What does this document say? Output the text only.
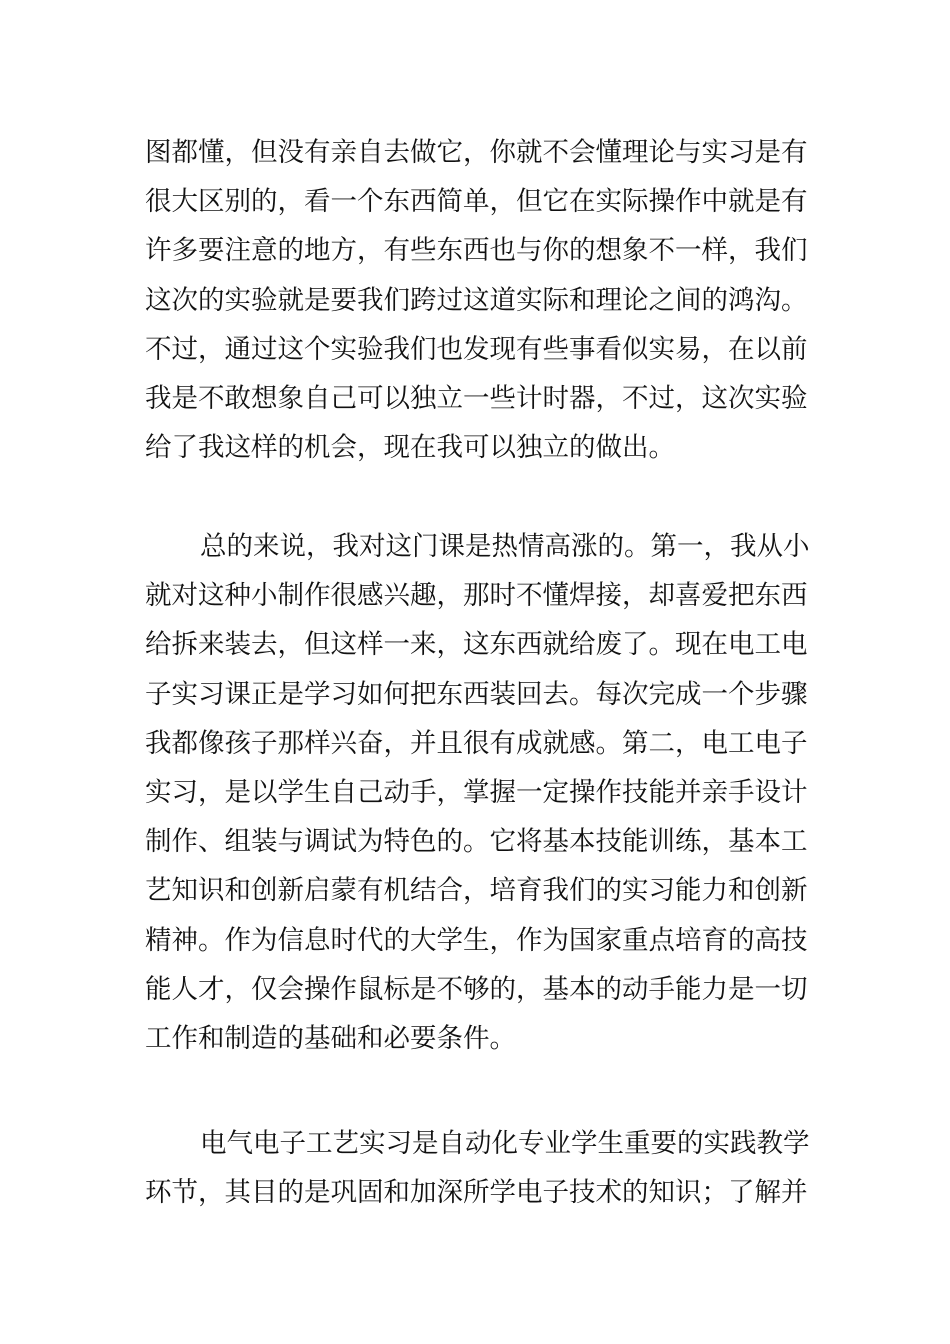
图都懂，但没有亲自去做它，你就不会懂理论与实习是有
很大区别的，看一个东西简单，但它在实际操作中就是有
许多要注意的地方，有些东西也与你的想象不一样，我们
这次的实验就是要我们跨过这道实际和理论之间的鸿沟。
不过，通过这个实验我们也发现有些事看似实易，在以前
我是不敢想象自己可以独立一些计时器，不过，这次实验
给了我这样的机会，现在我可以独立的做出。
总的来说，我对这门课是热情高涨的。第一，我从小
就对这种小制作很感兴趣，那时不懂焊接，却喜爱把东西
给拆来装去，但这样一来，这东西就给废了。现在电工电
子实习课正是学习如何把东西装回去。每次完成一个步骤
我都像孩子那样兴奋，并且很有成就感。第二，电工电子
实习，是以学生自己动手，掌握一定操作技能并亲手设计
制作、组装与调试为特色的。它将基本技能训练，基本工
艺知识和创新启蒙有机结合，培育我们的实习能力和创新
精神。作为信息时代的大学生，作为国家重点培育的高技
能人才，仅会操作鼠标是不够的，基本的动手能力是一切
工作和制造的基础和必要条件。
电气电子工艺实习是自动化专业学生重要的实践教学
环节，其目的是巩固和加深所学电子技术的知识；了解并
